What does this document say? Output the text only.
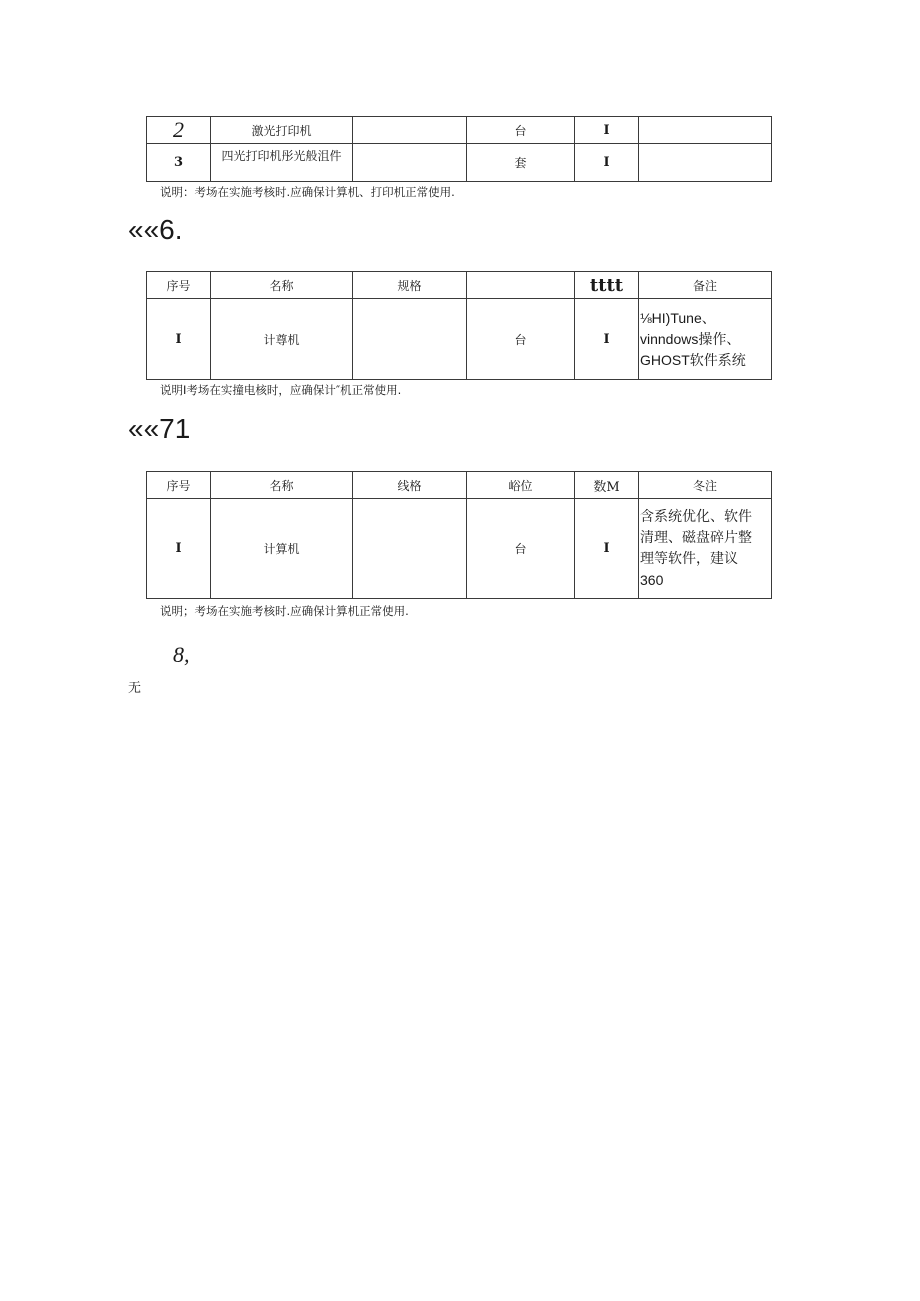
2	激光打印机		台	I	
3	四光打印机彤光般沮件		套	I	
说明：考场在实施考核时.应确保计算机、打印机正常使用.
««6.
序号	名称	规格		tttt	备注
I	计尊机		台	I	⅛HI)Tune、
vinndows操作、
GHOST软件系统
说明I考场在实撞电核时，应确保计″机正常使用.
««71
序号	名称	线格	峪位	数M	冬注
I	计算机		台	I	含系统优化、软件
清理、磁盘碎片整
理等软件，建议
360
说明；考场在实施考核时.应确保计算机正常使用.
8,
无
